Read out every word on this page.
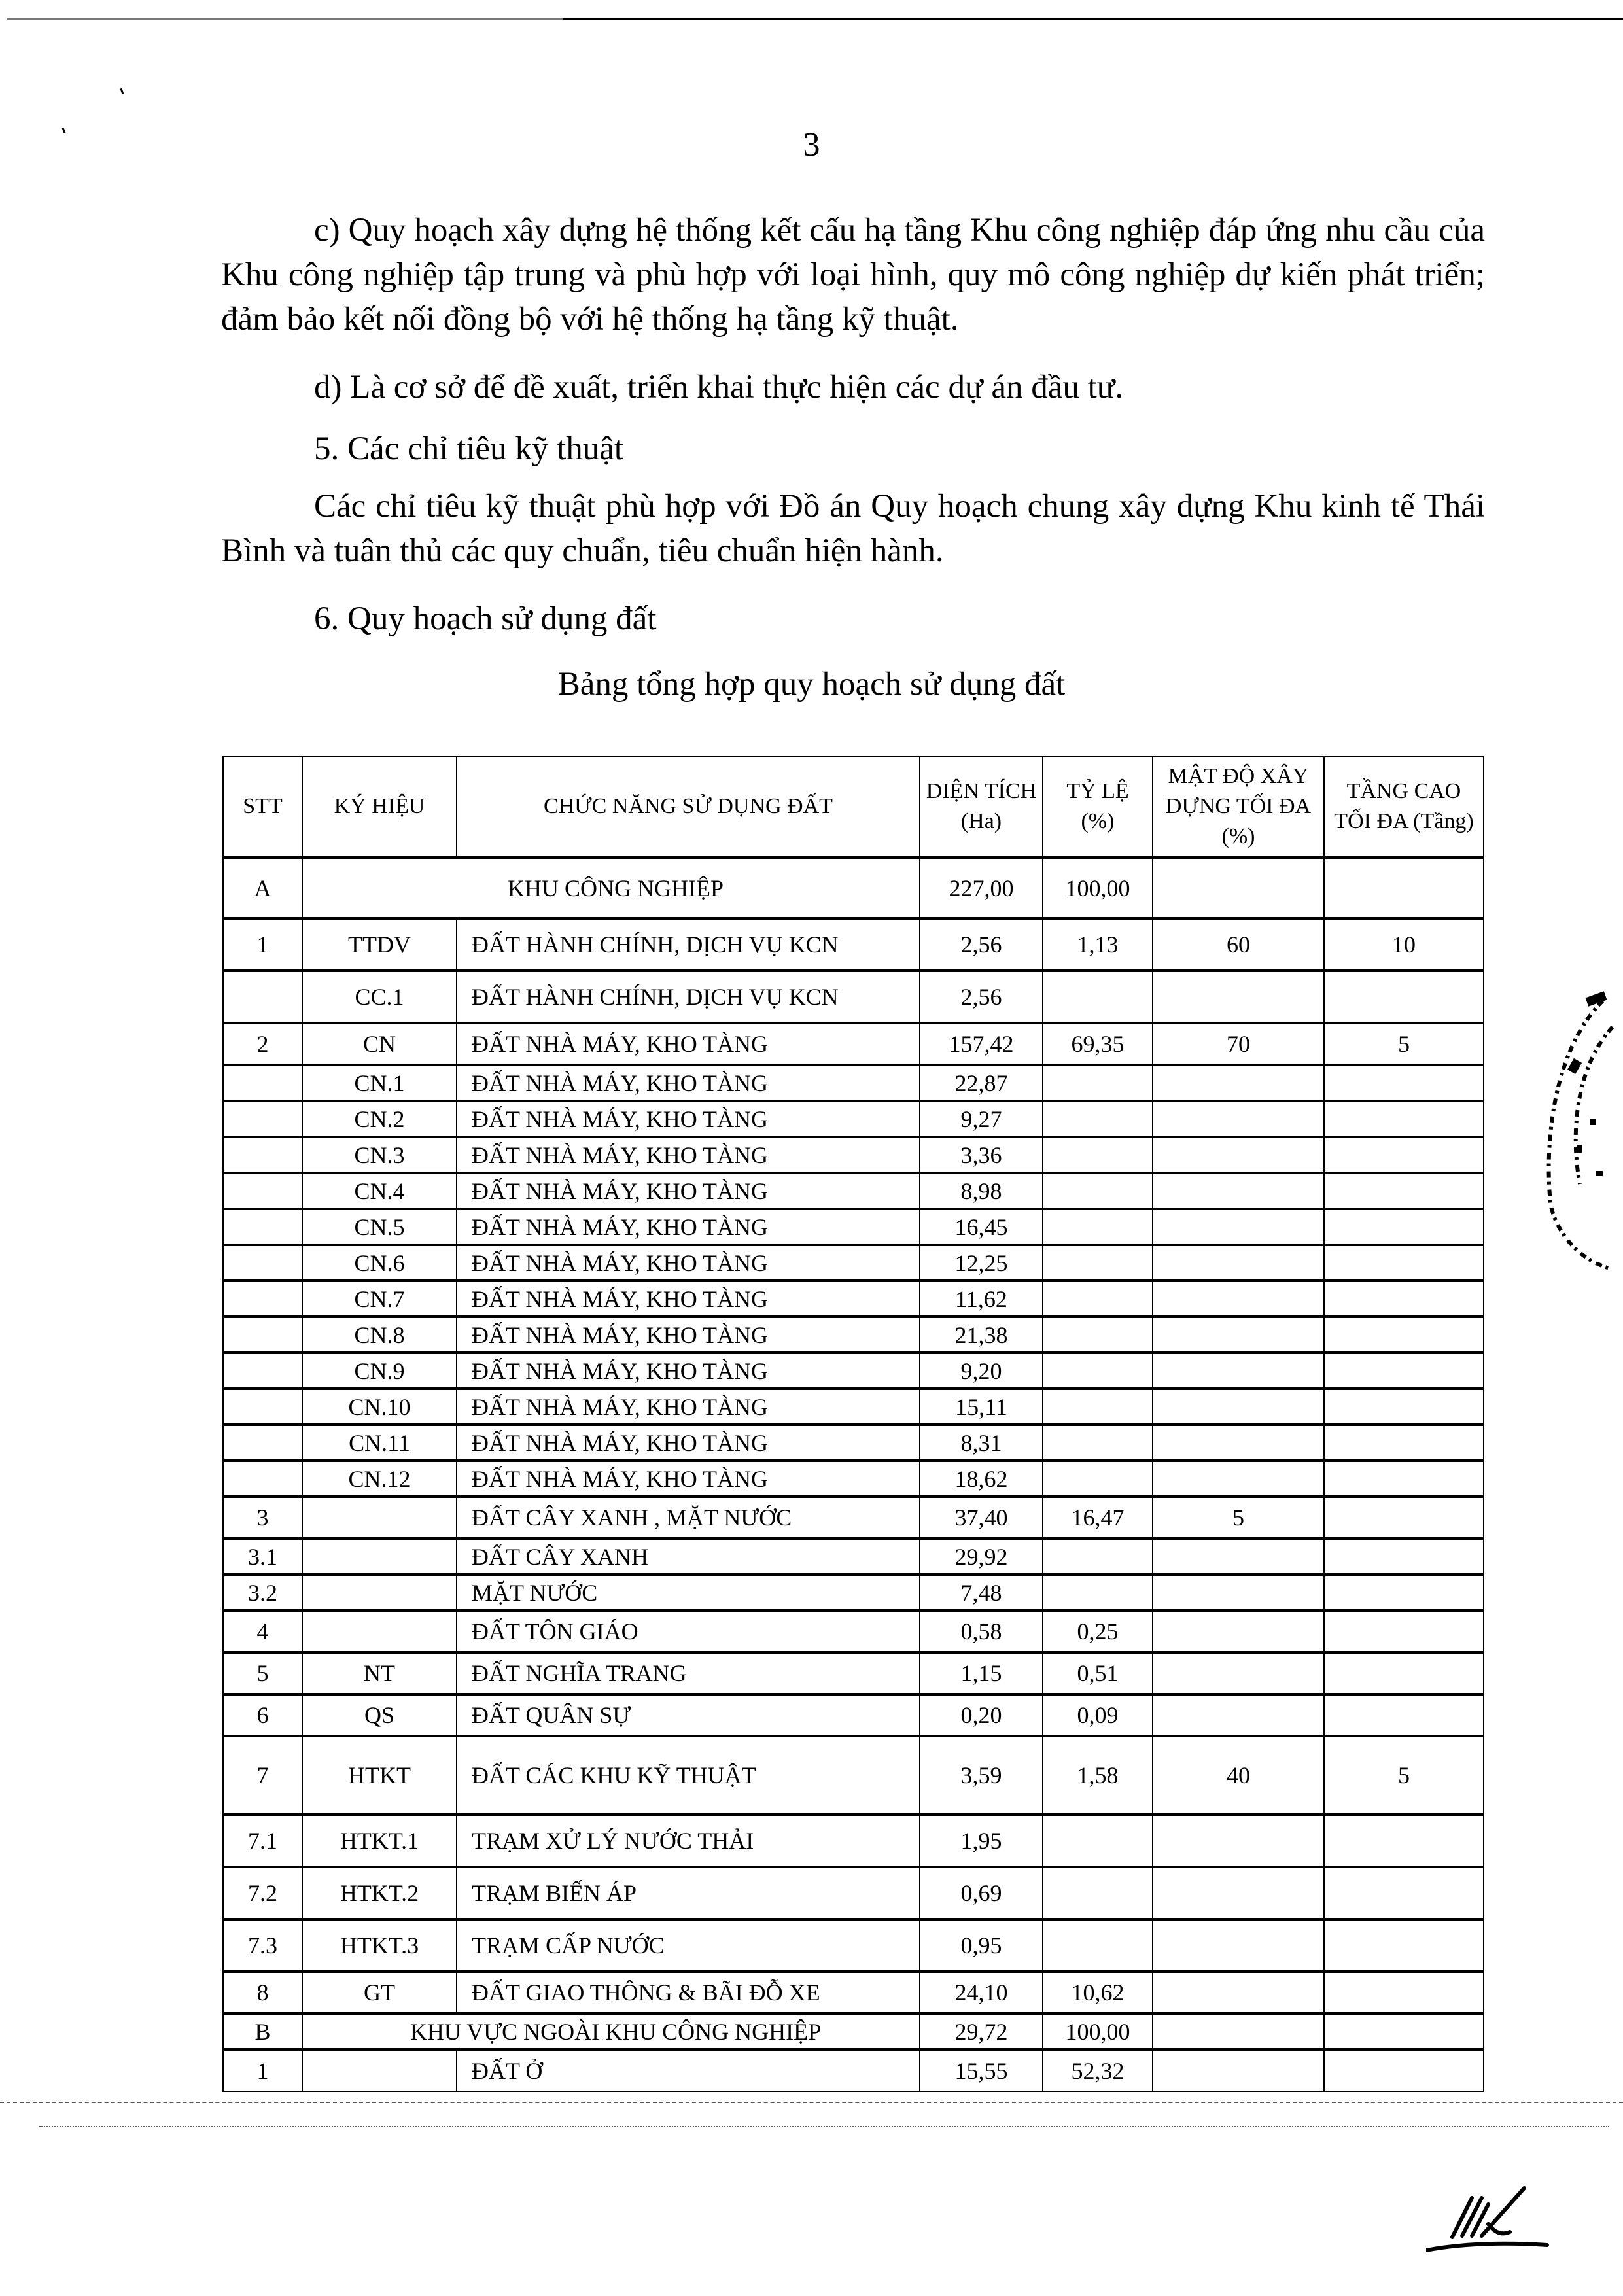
3

c) Quy hoạch xây dựng hệ thống kết cấu hạ tầng Khu công nghiệp đáp ứng nhu cầu của Khu công nghiệp tập trung và phù hợp với loại hình, quy mô công nghiệp dự kiến phát triển; đảm bảo kết nối đồng bộ với hệ thống hạ tầng kỹ thuật.

d) Là cơ sở để đề xuất, triển khai thực hiện các dự án đầu tư.

5. Các chỉ tiêu kỹ thuật

Các chỉ tiêu kỹ thuật phù hợp với Đồ án Quy hoạch chung xây dựng Khu kinh tế Thái Bình và tuân thủ các quy chuẩn, tiêu chuẩn hiện hành.

6. Quy hoạch sử dụng đất
Bảng tổng hợp quy hoạch sử dụng đất
STT	KÝ HIỆU	CHỨC NĂNG SỬ DỤNG ĐẤT	DIỆN TÍCH (Ha)	TỶ LỆ (%)	MẬT ĐỘ XÂY DỰNG TỐI ĐA (%)	TẦNG CAO TỐI ĐA (Tầng)
A	KHU CÔNG NGHIỆP		227,00	100,00		
1	TTDV	ĐẤT HÀNH CHÍNH, DỊCH VỤ KCN	2,56	1,13	60	10
	CC.1	ĐẤT HÀNH CHÍNH, DỊCH VỤ KCN	2,56			
2	CN	ĐẤT NHÀ MÁY, KHO TÀNG	157,42	69,35	70	5
	CN.1	ĐẤT NHÀ MÁY, KHO TÀNG	22,87			
	CN.2	ĐẤT NHÀ MÁY, KHO TÀNG	9,27			
	CN.3	ĐẤT NHÀ MÁY, KHO TÀNG	3,36			
	CN.4	ĐẤT NHÀ MÁY, KHO TÀNG	8,98			
	CN.5	ĐẤT NHÀ MÁY, KHO TÀNG	16,45			
	CN.6	ĐẤT NHÀ MÁY, KHO TÀNG	12,25			
	CN.7	ĐẤT NHÀ MÁY, KHO TÀNG	11,62			
	CN.8	ĐẤT NHÀ MÁY, KHO TÀNG	21,38			
	CN.9	ĐẤT NHÀ MÁY, KHO TÀNG	9,20			
	CN.10	ĐẤT NHÀ MÁY, KHO TÀNG	15,11			
	CN.11	ĐẤT NHÀ MÁY, KHO TÀNG	8,31			
	CN.12	ĐẤT NHÀ MÁY, KHO TÀNG	18,62			
3		ĐẤT CÂY XANH , MẶT NƯỚC	37,40	16,47	5	
3.1		ĐẤT CÂY XANH	29,92			
3.2		MẶT NƯỚC	7,48			
4		ĐẤT TÔN GIÁO	0,58	0,25		
5	NT	ĐẤT NGHĨA TRANG	1,15	0,51		
6	QS	ĐẤT QUÂN SỰ	0,20	0,09		
7	HTKT	ĐẤT CÁC KHU KỸ THUẬT	3,59	1,58	40	5
7.1	HTKT.1	TRẠM XỬ LÝ NƯỚC THẢI	1,95			
7.2	HTKT.2	TRẠM BIẾN ÁP	0,69			
7.3	HTKT.3	TRẠM CẤP NƯỚC	0,95			
8	GT	ĐẤT GIAO THÔNG & BÃI ĐỖ XE	24,10	10,62		
B	KHU VỰC NGOÀI KHU CÔNG NGHIỆP		29,72	100,00		
1		ĐẤT Ở	15,55	52,32		
